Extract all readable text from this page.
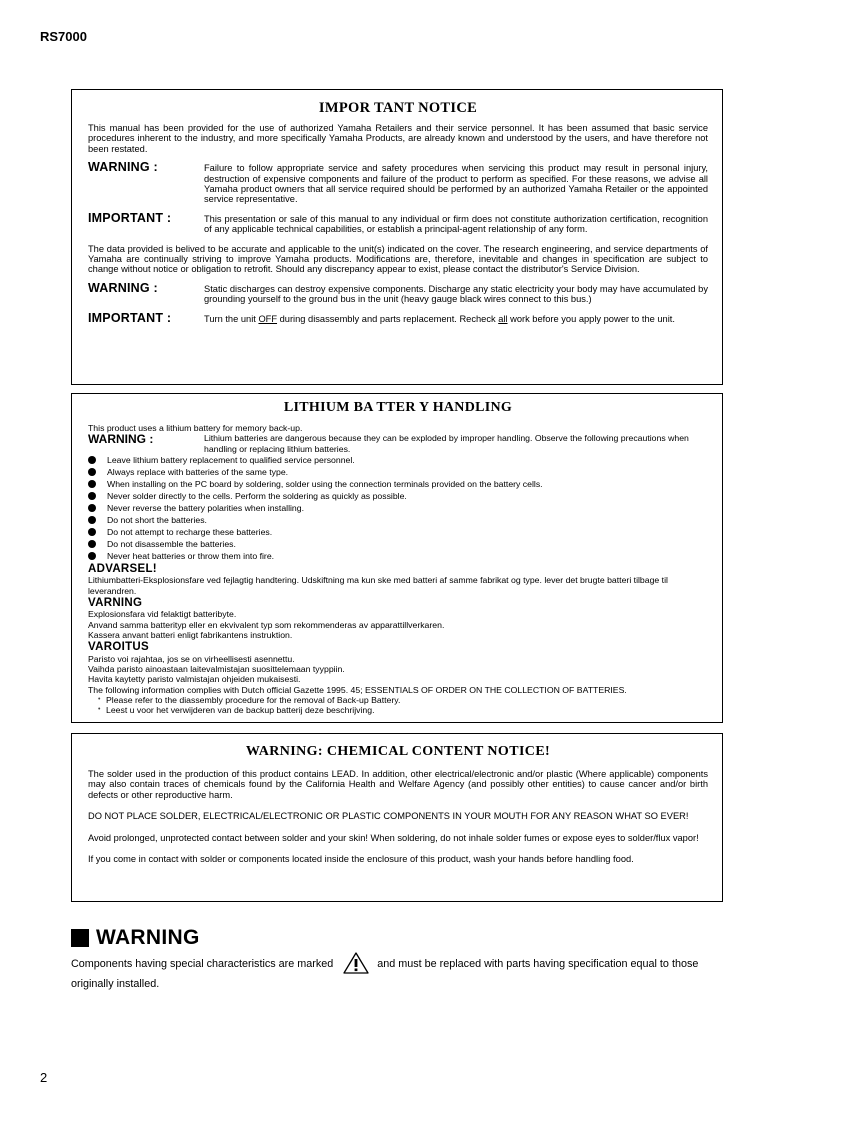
RS7000
IMPOR TANT NOTICE

This manual has been provided for the use of authorized Yamaha Retailers and their service personnel. It has been assumed that basic service procedures inherent to the industry, and more specifically Yamaha Products, are already known and understood by the users, and have therefore not been restated.

WARNING :	Failure to follow appropriate service and safety procedures when servicing this product may result in personal injury, destruction of expensive components and failure of the product to perform as specified. For these reasons, we advise all Yamaha product owners that all service required should be performed by an authorized Yamaha Retailer or the appointed service representative.
IMPORTANT :	This presentation or sale of this manual to any individual or firm does not constitute authorization certification, recognition of any applicable technical capabilities, or establish a principal-agent relationship of any form.

The data provided is belived to be accurate and applicable to the unit(s) indicated on the cover. The research engineering, and service departments of Yamaha are continually striving to improve Yamaha products. Modifications are, therefore, inevitable and changes in specification are subject to change without notice or obligation to retrofit. Should any discrepancy appear to exist, please contact the distributor's Service Division.

WARNING :	Static discharges can destroy expensive components. Discharge any static electricity your body may have accumulated by grounding yourself to the ground bus in the unit (heavy gauge black wires connect to this bus.)
IMPORTANT :	Turn the unit OFF during disassembly and parts replacement. Recheck all work before you apply power to the unit.
LITHIUM BA TTER Y HANDLING

This product uses a lithium battery for memory back-up.

WARNING :	Lithium batteries are dangerous because they can be exploded by improper handling. Observe the following precautions when handling or replacing lithium batteries.
Leave lithium battery replacement to qualified service personnel.
Always replace with batteries of the same type.
When installing on the PC board by soldering, solder using the connection terminals provided on the battery cells.
Never solder directly to the cells. Perform the soldering as quickly as possible.
Never reverse the battery polarities when installing.
Do not short the batteries.
Do not attempt to recharge these batteries.
Do not disassemble the batteries.
Never heat batteries or throw them into fire.
ADVARSEL!

Lithiumbatteri-Eksplosionsfare ved fejlagtig handtering. Udskiftning ma kun ske med batteri af samme fabrikat og type. lever det brugte batteri tilbage til leverandren.

VARNING

Explosionsfara vid felaktigt batteribyte.

Anvand samma batterityp eller en ekvivalent typ som rekommenderas av apparattillverkaren.

Kassera anvant batteri enligt fabrikantens instruktion.

VAROITUS

Paristo voi rajahtaa, jos se on virheellisesti asennettu.

Vaihda paristo ainoastaan laitevalmistajan suosittelemaan tyyppiin.

Havita kaytetty paristo valmistajan ohjeiden mukaisesti.

The following information complies with Dutch official Gazette 1995. 45; ESSENTIALS OF ORDER ON THE COLLECTION OF BATTERIES.

• Please refer to the diassembly procedure for the removal of Back-up Battery.
• Leest u voor het verwijderen van de backup batterij deze beschrijving.
WARNING: CHEMICAL CONTENT NOTICE!

The solder used in the production of this product contains LEAD. In addition, other electrical/electronic and/or plastic (Where applicable) components may also contain traces of chemicals found by the California Health and Welfare Agency (and possibly other entities) to cause cancer and/or birth defects or other reproductive harm.

DO NOT PLACE SOLDER, ELECTRICAL/ELECTRONIC OR PLASTIC COMPONENTS IN YOUR MOUTH FOR ANY REASON WHAT SO EVER!

Avoid prolonged, unprotected contact between solder and your skin! When soldering, do not inhale solder fumes or expose eyes to solder/flux vapor!

If you come in contact with solder or components located inside the enclosure of this product, wash your hands before handling food.

WARNING
Components having special characteristics are marked	and must be replaced with parts having specification equal to those originally installed.
2
